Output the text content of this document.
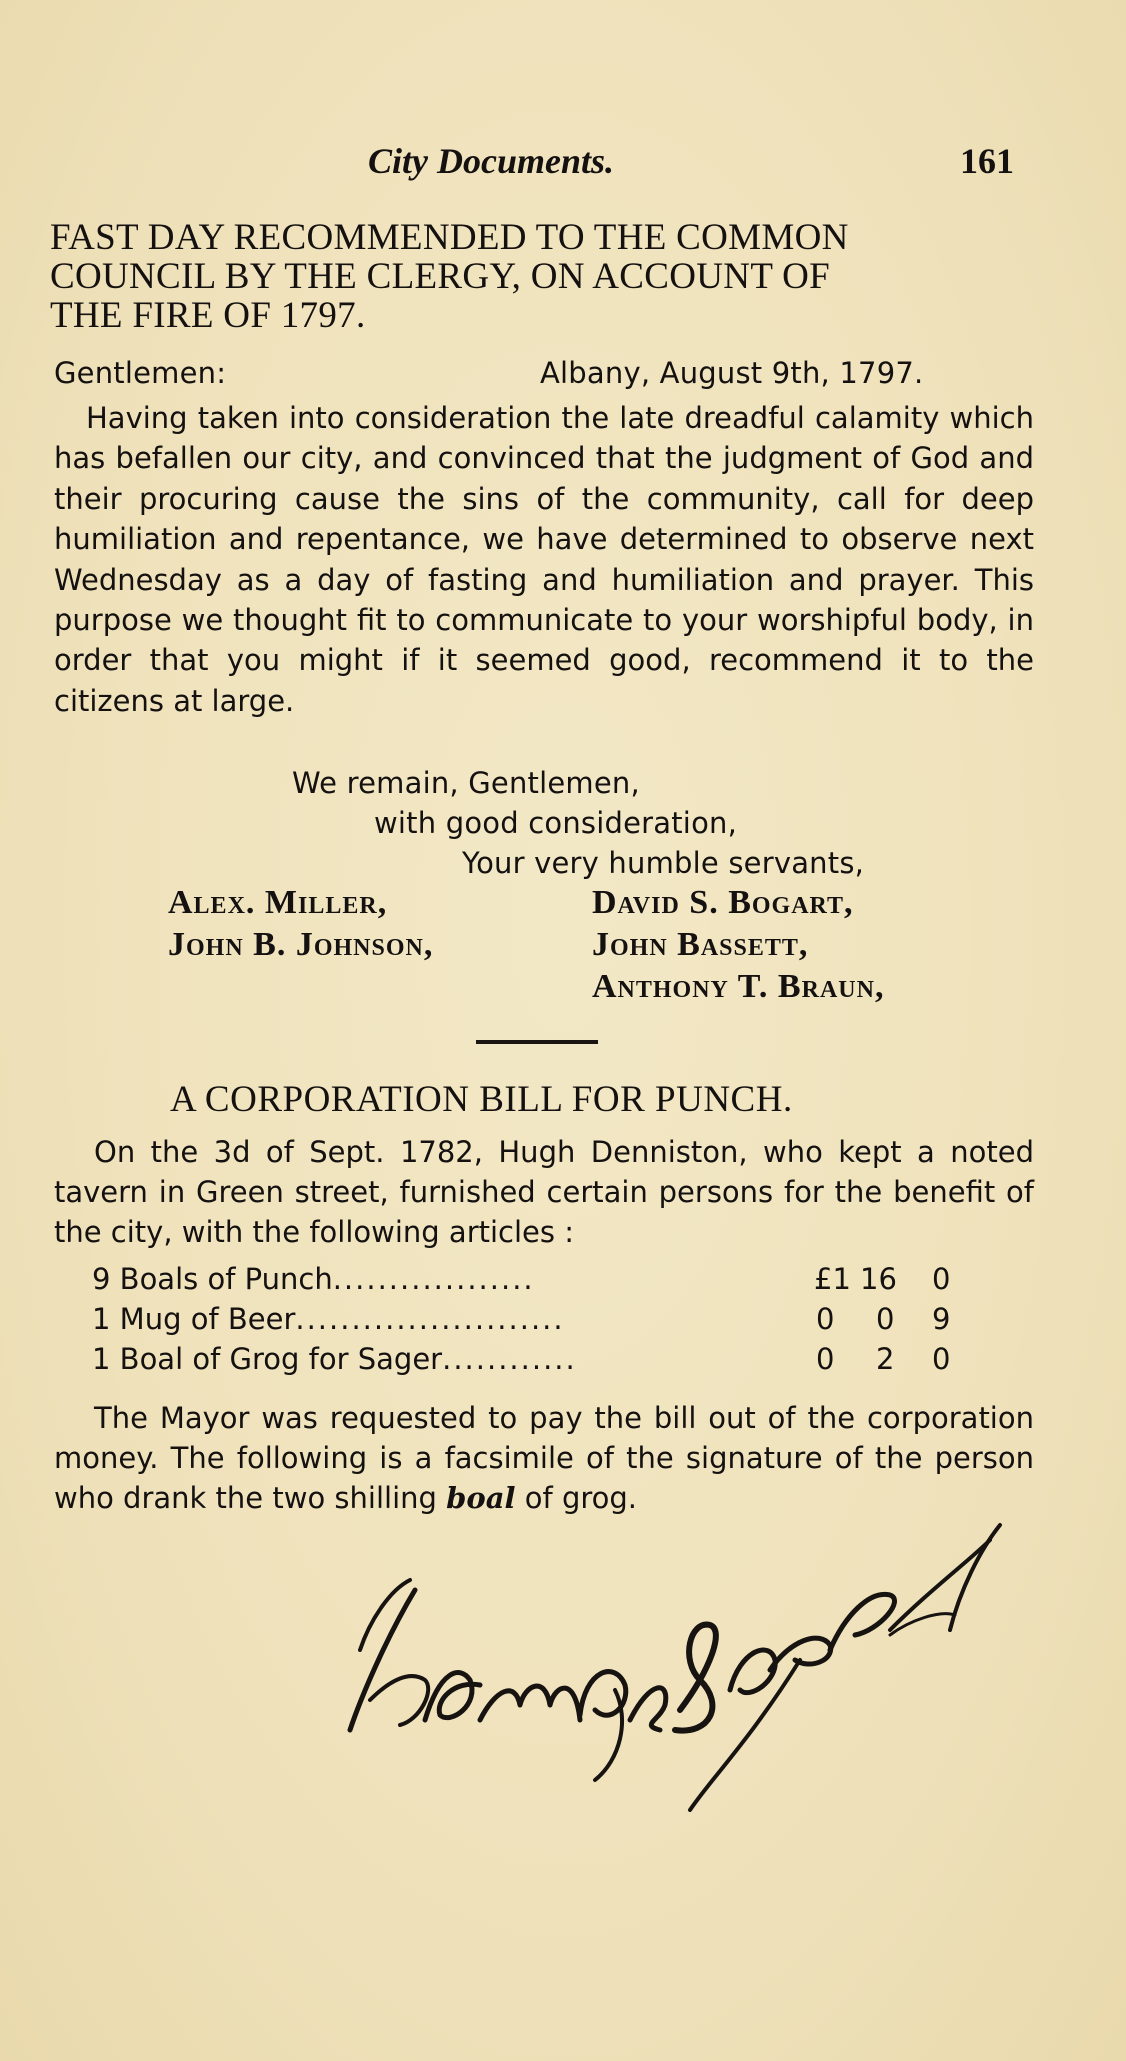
City Documents.	161
FAST DAY RECOMMENDED TO THE COMMON
COUNCIL BY THE CLERGY, ON ACCOUNT OF
THE FIRE OF 1797.
Gentlemen:	Albany, August 9th, 1797.
Having taken into consideration the late dreadful calamity which has befallen our city, and convinced that the judgment of God and their procuring cause the sins of the community, call for deep humiliation and repentance, we have determined to observe next Wednesday as a day of fasting and humiliation and prayer. This purpose we thought fit to communicate to your worshipful body, in order that you might if it seemed good, recommend it to the citizens at large.
We remain, Gentlemen,
with good consideration,
Your very humble servants,
Alex. Miller,	David S. Bogart,
John B. Johnson,	John Bassett,
Anthony T. Braun,
A CORPORATION BILL FOR PUNCH.
On the 3d of Sept. 1782, Hugh Denniston, who kept a noted tavern in Green street, furnished certain persons for the benefit of the city, with the following articles :
9 Boals of Punch..................	£1 16 0
1 Mug of Beer........................	0 0 9
1 Boal of Grog for Sager............	0 2 0
The Mayor was requested to pay the bill out of the corporation money. The following is a facsimile of the signature of the person who drank the two shilling boal of grog.
